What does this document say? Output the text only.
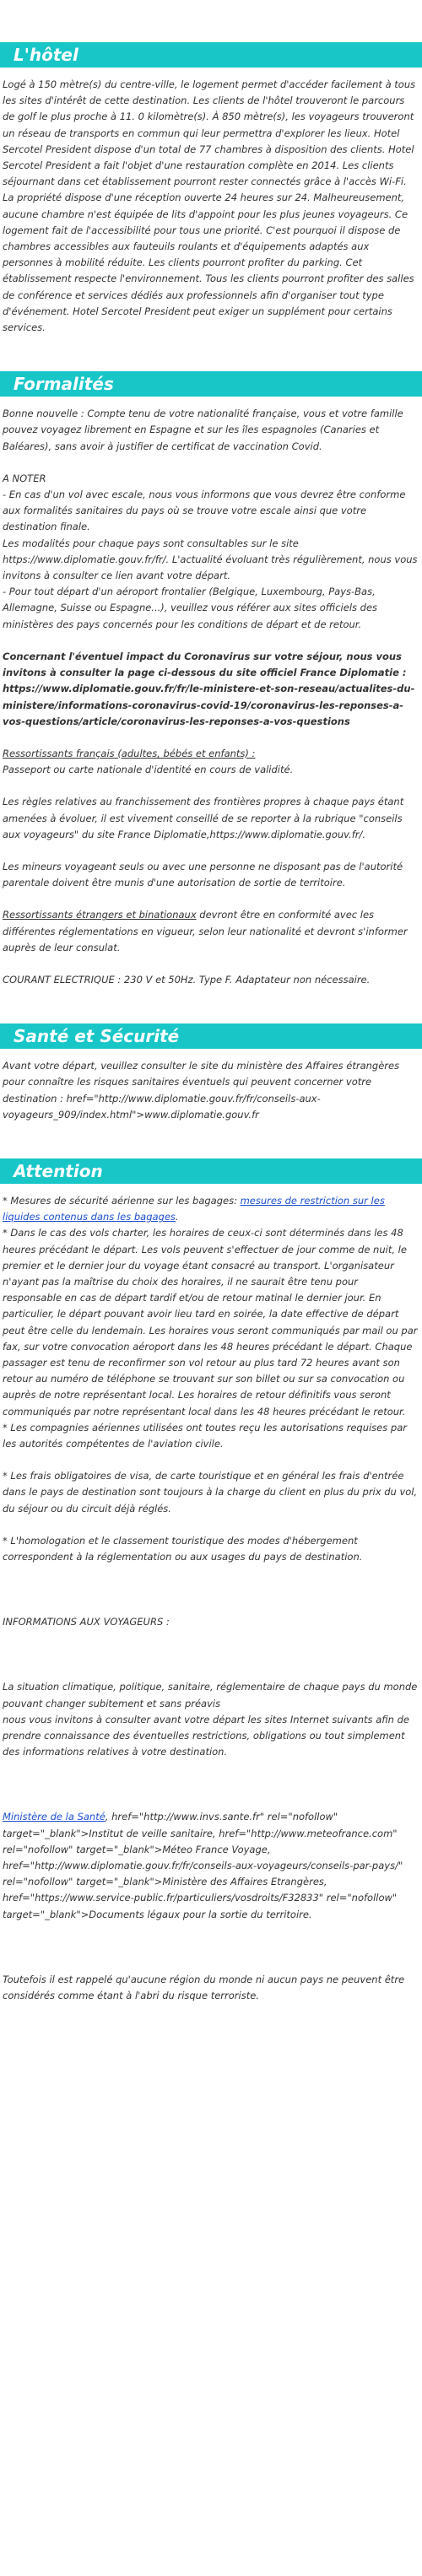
L'hôtel

Logé à 150 mètre(s) du centre-ville, le logement permet d'accéder facilement à tous les sites d'intérêt de cette destination. Les clients de l'hôtel trouveront le parcours de golf le plus proche à 11. 0 kilomètre(s). À 850 mètre(s), les voyageurs trouveront un réseau de transports en commun qui leur permettra d'explorer les lieux. Hotel Sercotel President dispose d'un total de 77 chambres à disposition des clients. Hotel Sercotel President a fait l'objet d'une restauration complète en 2014. Les clients séjournant dans cet établissement pourront rester connectés grâce à l'accès Wi-Fi. La propriété dispose d'une réception ouverte 24 heures sur 24. Malheureusement, aucune chambre n'est équipée de lits d'appoint pour les plus jeunes voyageurs. Ce logement fait de l'accessibilité pour tous une priorité. C'est pourquoi il dispose de chambres accessibles aux fauteuils roulants et d'équipements adaptés aux personnes à mobilité réduite. Les clients pourront profiter du parking. Cet établissement respecte l'environnement. Tous les clients pourront profiter des salles de conférence et services dédiés aux professionnels afin d'organiser tout type d'événement. Hotel Sercotel President peut exiger un supplément pour certains services.

Formalités

Bonne nouvelle : Compte tenu de votre nationalité française, vous et votre famille pouvez voyagez librement en Espagne et sur les îles espagnoles (Canaries et Baléares), sans avoir à justifier de certificat de vaccination Covid.

A NOTER
- En cas d'un vol avec escale, nous vous informons que vous devrez être conforme aux formalités sanitaires du pays où se trouve votre escale ainsi que votre destination finale.
Les modalités pour chaque pays sont consultables sur le site https://www.diplomatie.gouv.fr/fr/. L'actualité évoluant très régulièrement, nous vous invitons à consulter ce lien avant votre départ.
- Pour tout départ d'un aéroport frontalier (Belgique, Luxembourg, Pays-Bas, Allemagne, Suisse ou Espagne...), veuillez vous référer aux sites officiels des ministères des pays concernés pour les conditions de départ et de retour.

Concernant l'éventuel impact du Coronavirus sur votre séjour, nous vous invitons à consulter la page ci-dessous du site officiel France Diplomatie : https://www.diplomatie.gouv.fr/fr/le-ministere-et-son-reseau/actualites-du-ministere/informations-coronavirus-covid-19/coronavirus-les-reponses-a-vos-questions/article/coronavirus-les-reponses-a-vos-questions

Ressortissants français (adultes, bébés et enfants) :
Passeport ou carte nationale d'identité en cours de validité.

Les règles relatives au franchissement des frontières propres à chaque pays étant amenées à évoluer, il est vivement conseillé de se reporter à la rubrique "conseils aux voyageurs" du site France Diplomatie,https://www.diplomatie.gouv.fr/.

Les mineurs voyageant seuls ou avec une personne ne disposant pas de l'autorité parentale doivent être munis d'une autorisation de sortie de territoire.

Ressortissants étrangers et binationaux devront être en conformité avec les différentes réglementations en vigueur, selon leur nationalité et devront s'informer auprès de leur consulat.

COURANT ELECTRIQUE : 230 V et 50Hz. Type F. Adaptateur non nécessaire.

Santé et Sécurité

Avant votre départ, veuillez consulter le site du ministère des Affaires étrangères pour connaître les risques sanitaires éventuels qui peuvent concerner votre
destination : href="http://www.diplomatie.gouv.fr/fr/conseils-aux-voyageurs_909/index.html">www.diplomatie.gouv.fr

Attention

* Mesures de sécurité aérienne sur les bagages: mesures de restriction sur les liquides contenus dans les bagages.

* Dans le cas des vols charter, les horaires de ceux-ci sont déterminés dans les 48 heures précédant le départ. Les vols peuvent s'effectuer de jour comme de nuit, le premier et le dernier jour du voyage étant consacré au transport. L'organisateur n'ayant pas la maîtrise du choix des horaires, il ne saurait être tenu pour responsable en cas de départ tardif et/ou de retour matinal le dernier jour. En particulier, le départ pouvant avoir lieu tard en soirée, la date effective de départ peut être celle du lendemain. Les horaires vous seront communiqués par mail ou par fax, sur votre convocation aéroport dans les 48 heures précédant le départ. Chaque passager est tenu de reconfirmer son vol retour au plus tard 72 heures avant son retour au numéro de téléphone se trouvant sur son billet ou sur sa convocation ou auprès de notre représentant local. Les horaires de retour définitifs vous seront communiqués par notre représentant local dans les 48 heures précédant le retour.
* Les compagnies aériennes utilisées ont toutes reçu les autorisations requises par les autorités compétentes de l'aviation civile.

* Les frais obligatoires de visa, de carte touristique et en général les frais d'entrée dans le pays de destination sont toujours à la charge du client en plus du prix du vol, du séjour ou du circuit déjà réglés.

* L'homologation et le classement touristique des modes d'hébergement correspondent à la réglementation ou aux usages du pays de destination.

INFORMATIONS AUX VOYAGEURS :

La situation climatique, politique, sanitaire, réglementaire de chaque pays du monde pouvant changer subitement et sans préavis
nous vous invitons à consulter avant votre départ les sites Internet suivants afin de prendre connaissance des éventuelles restrictions, obligations ou tout simplement des informations relatives à votre destination.

Ministère de la Santé, href="http://www.invs.sante.fr" rel="nofollow" target="_blank">Institut de veille sanitaire, href="http://www.meteofrance.com" rel="nofollow" target="_blank">Méteo France Voyage, href="http://www.diplomatie.gouv.fr/fr/conseils-aux-voyageurs/conseils-par-pays/" rel="nofollow" target="_blank">Ministère des Affaires Etrangères, href="https://www.service-public.fr/particuliers/vosdroits/F32833" rel="nofollow" target="_blank">Documents légaux pour la sortie du territoire.

Toutefois il est rappelé qu'aucune région du monde ni aucun pays ne peuvent être considérés comme étant à l'abri du risque terroriste.
